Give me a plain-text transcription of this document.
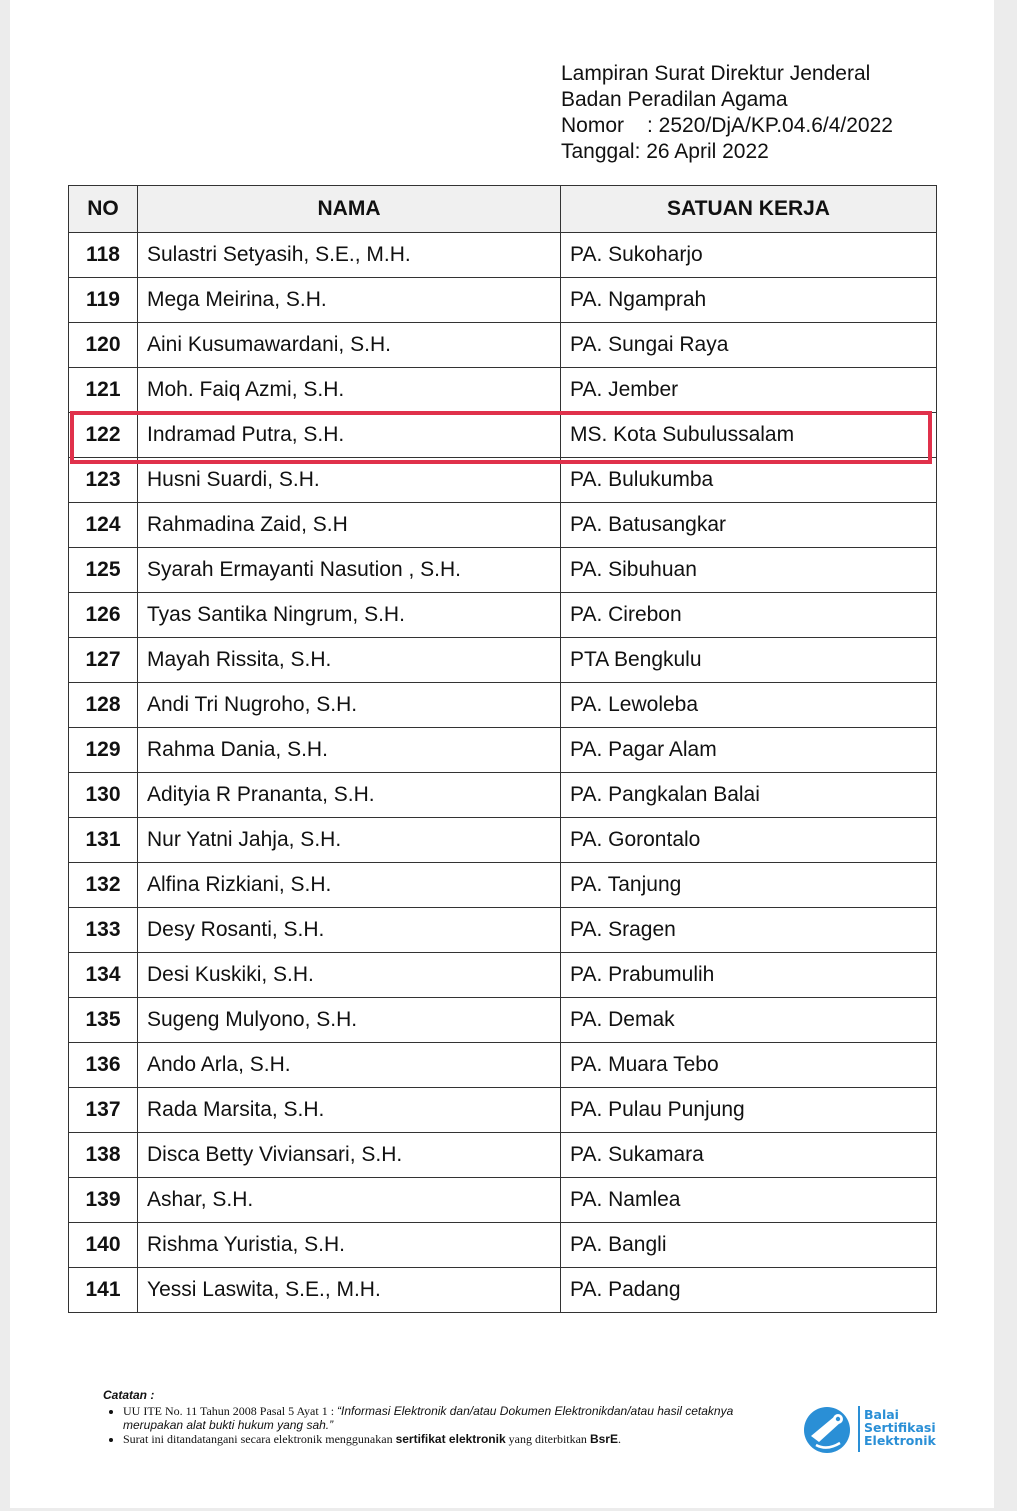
Lampiran Surat Direktur Jenderal
Badan Peradilan Agama
Nomor : 2520/DjA/KP.04.6/4/2022
Tanggal: 26 April 2022
NO	NAMA	SATUAN KERJA
118	Sulastri Setyasih, S.E., M.H.	PA. Sukoharjo
119	Mega Meirina, S.H.	PA. Ngamprah
120	Aini Kusumawardani, S.H.	PA. Sungai Raya
121	Moh. Faiq Azmi, S.H.	PA. Jember
122	Indramad Putra, S.H.	MS. Kota Subulussalam
123	Husni Suardi, S.H.	PA. Bulukumba
124	Rahmadina Zaid, S.H	PA. Batusangkar
125	Syarah Ermayanti Nasution , S.H.	PA. Sibuhuan
126	Tyas Santika Ningrum, S.H.	PA. Cirebon
127	Mayah Rissita, S.H.	PTA Bengkulu
128	Andi Tri Nugroho, S.H.	PA. Lewoleba
129	Rahma Dania, S.H.	PA. Pagar Alam
130	Adityia R Prananta, S.H.	PA. Pangkalan Balai
131	Nur Yatni Jahja, S.H.	PA. Gorontalo
132	Alfina Rizkiani, S.H.	PA. Tanjung
133	Desy Rosanti, S.H.	PA. Sragen
134	Desi Kuskiki, S.H.	PA. Prabumulih
135	Sugeng Mulyono, S.H.	PA. Demak
136	Ando Arla, S.H.	PA. Muara Tebo
137	Rada Marsita, S.H.	PA. Pulau Punjung
138	Disca Betty Viviansari, S.H.	PA. Sukamara
139	Ashar, S.H.	PA. Namlea
140	Rishma Yuristia, S.H.	PA. Bangli
141	Yessi Laswita, S.E., M.H.	PA. Padang
Catatan :
• UU ITE No. 11 Tahun 2008 Pasal 5 Ayat 1 : “Informasi Elektronik dan/atau Dokumen Elektronikdan/atau hasil cetaknya merupakan alat bukti hukum yang sah.”
• Surat ini ditandatangani secara elektronik menggunakan sertifikat elektronik yang diterbitkan BsrE.
Balai
Sertifikasi
Elektronik
